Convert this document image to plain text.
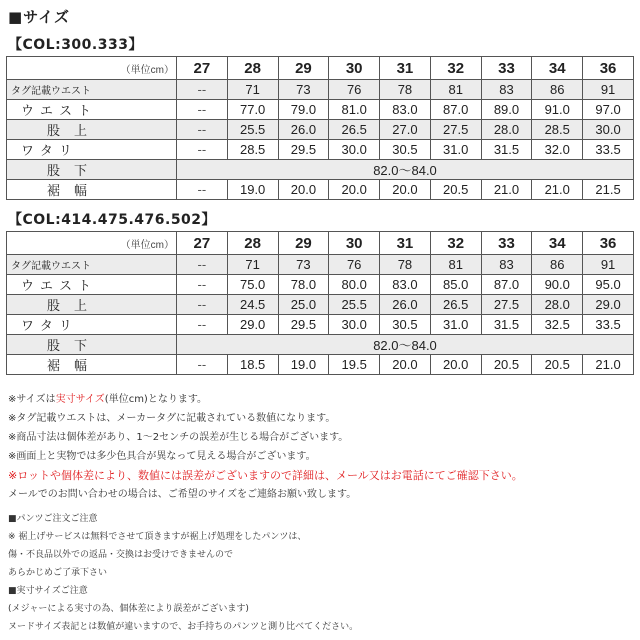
■サイズ
【COL:300.333】
（単位cm）	27	28	29	30	31	32	33	34	36
タグ記載ウエスト	--	71	73	76	78	81	83	86	91
ウエスト	--	77.0	79.0	81.0	83.0	87.0	89.0	91.0	97.0
股上	--	25.5	26.0	26.5	27.0	27.5	28.0	28.5	30.0
ワタリ	--	28.5	29.5	30.0	30.5	31.0	31.5	32.0	33.5
股下	82.0〜84.0								
裾幅	--	19.0	20.0	20.0	20.0	20.5	21.0	21.0	21.5
【COL:414.475.476.502】
（単位cm）	27	28	29	30	31	32	33	34	36
タグ記載ウエスト	--	71	73	76	78	81	83	86	91
ウエスト	--	75.0	78.0	80.0	83.0	85.0	87.0	90.0	95.0
股上	--	24.5	25.0	25.5	26.0	26.5	27.5	28.0	29.0
ワタリ	--	29.0	29.5	30.0	30.5	31.0	31.5	32.5	33.5
股下	82.0〜84.0								
裾幅	--	18.5	19.0	19.5	20.0	20.0	20.5	20.5	21.0
※サイズは実寸サイズ(単位cm)となります。
※タグ記載ウエストは、メーカータグに記載されている数値になります。
※商品寸法は個体差があり、1〜2センチの誤差が生じる場合がございます。
※画面上と実物では多少色具合が異なって見える場合がございます。
※ロットや個体差により、数値には誤差がございますので詳細は、メール又はお電話にてご確認下さい。
メールでのお問い合わせの場合は、ご希望のサイズをご連絡お願い致します。
■パンツご注文ご注意
※ 裾上げサービスは無料でさせて頂きますが裾上げ処理をしたパンツは、
傷・不良品以外での返品・交換はお受けできませんので
あらかじめご了承下さい
■実寸サイズご注意
(メジャーによる実寸の為、個体差により誤差がございます)
ヌードサイズ表記とは数値が違いますので、お手持ちのパンツと測り比べてください。
